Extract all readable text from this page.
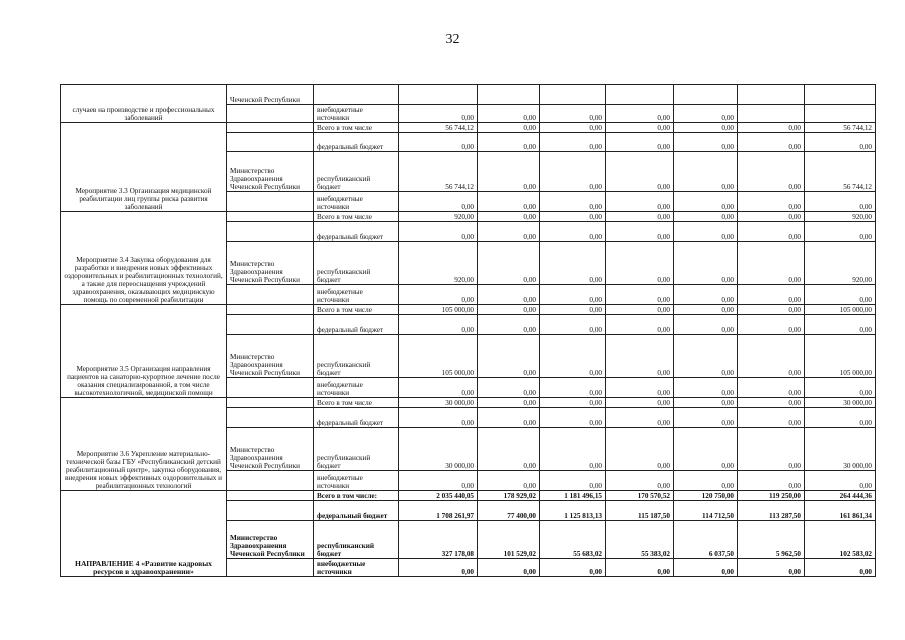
32
случаев на производстве и профессиональных заболеваний	Чеченской Республики								
		внебюджетные источники	0,00	0,00	0,00	0,00	0,00		
Мероприятие 3.3 Организация медицинской реабилитации лиц группы риска развития заболеваний		Всего в том числе	56 744,12	0,00	0,00	0,00	0,00	0,00	56 744,12
		федеральный бюджет	0,00	0,00	0,00	0,00	0,00	0,00	0,00
	Министерство Здравоохранения Чеченской Республики	республиканский бюджет	56 744,12	0,00	0,00	0,00	0,00	0,00	56 744,12
		внебюджетные источники	0,00	0,00	0,00	0,00	0,00	0,00	0,00
Мероприятие 3.4 Закупка оборудования для разработки и внедрения новых эффективных оздоровительных и реабилитационных технологий, а также для переоснащения учреждений здравоохранения, оказывающих медицинскую помощь по современной реабилитации		Всего в том числе	920,00	0,00	0,00	0,00	0,00	0,00	920,00
		федеральный бюджет	0,00	0,00	0,00	0,00	0,00	0,00	0,00
	Министерство Здравоохранения Чеченской Республики	республиканский бюджет	920,00	0,00	0,00	0,00	0,00	0,00	920,00
		внебюджетные источники	0,00	0,00	0,00	0,00	0,00	0,00	0,00
Мероприятие 3.5 Организация направления пациентов на санаторно-курортное лечение после оказания специализированной, в том числе высокотехнологичной, медицинской помощи		Всего в том числе	105 000,00	0,00	0,00	0,00	0,00	0,00	105 000,00
		федеральный бюджет	0,00	0,00	0,00	0,00	0,00	0,00	0,00
	Министерство Здравоохранения Чеченской Республики	республиканский бюджет	105 000,00	0,00	0,00	0,00	0,00	0,00	105 000,00
		внебюджетные источники	0,00	0,00	0,00	0,00	0,00	0,00	0,00
Мероприятие 3.6 Укрепление материально-технической базы ГБУ «Республиканский детский реабилитационный центр», закупка оборудования, внедрения новых эффективных оздоровительных и реабилитационных технологий		Всего в том числе	30 000,00	0,00	0,00	0,00	0,00	0,00	30 000,00
		федеральный бюджет	0,00	0,00	0,00	0,00	0,00	0,00	0,00
	Министерство Здравоохранения Чеченской Республики	республиканский бюджет	30 000,00	0,00	0,00	0,00	0,00	0,00	30 000,00
		внебюджетные источники	0,00	0,00	0,00	0,00	0,00	0,00	0,00
НАПРАВЛЕНИЕ 4 «Развитие кадровых ресурсов в здравоохранении»		Всего в том числе:	2 035 440,05	178 929,02	1 181 496,15	170 570,52	120 750,00	119 250,00	264 444,36
		федеральный бюджет	1 708 261,97	77 400,00	1 125 813,13	115 187,50	114 712,50	113 287,50	161 861,34
	Министерство Здравоохранения Чеченской Республики	республиканский бюджет	327 178,08	101 529,02	55 683,02	55 383,02	6 037,50	5 962,50	102 583,02
		внебюджетные источники	0,00	0,00	0,00	0,00	0,00	0,00	0,00
